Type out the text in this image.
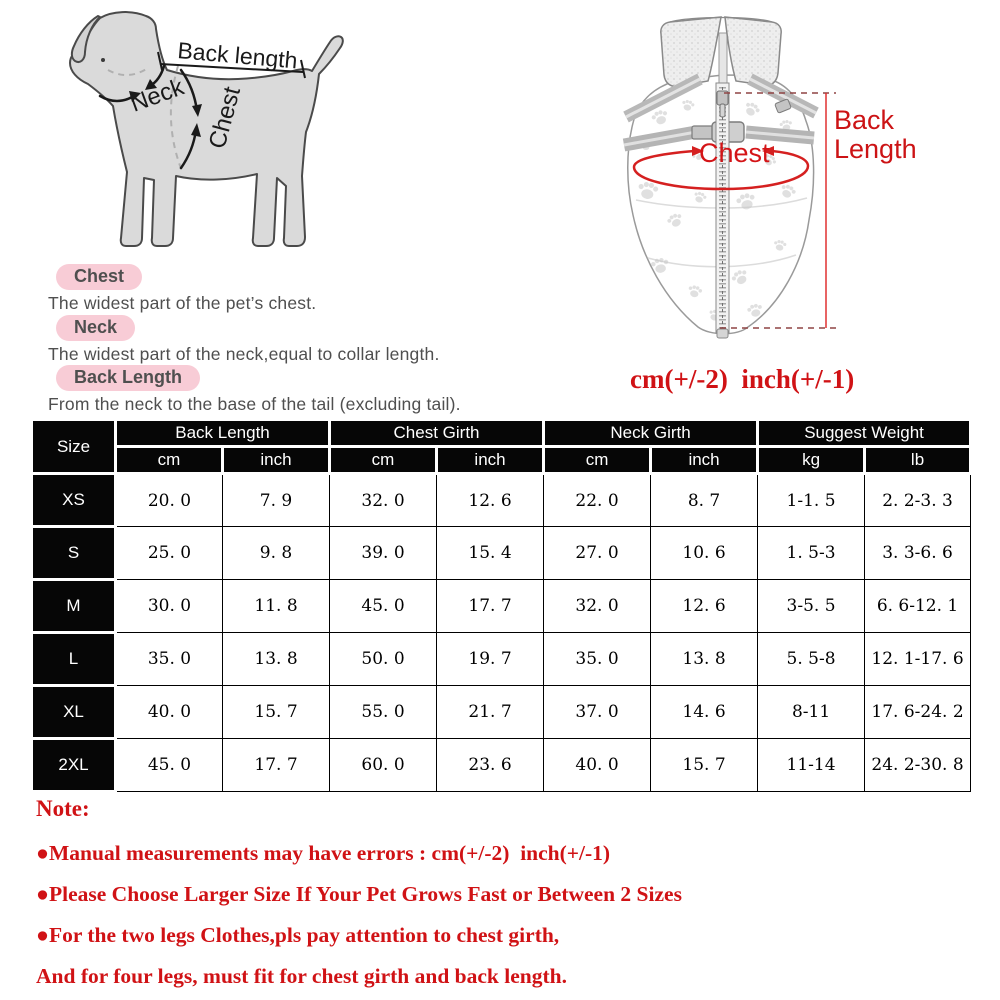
Back length
Neck Chest
Chest
Back Length
Chest
The widest part of the pet’s chest.
Neck
The widest part of the neck,equal to collar length.
Back Length
From the neck to the base of the tail (excluding tail).
cm(+/-2)  inch(+/-1)
Size	Back Length		Chest Girth		Neck Girth		Suggest Weight	
	cm	inch	cm	inch	cm	inch	kg	lb
XS	20. 0	7. 9	32. 0	12. 6	22. 0	8. 7	1-1. 5	2. 2-3. 3
S	25. 0	9. 8	39. 0	15. 4	27. 0	10. 6	1. 5-3	3. 3-6. 6
M	30. 0	11. 8	45. 0	17. 7	32. 0	12. 6	3-5. 5	6. 6-12. 1
L	35. 0	13. 8	50. 0	19. 7	35. 0	13. 8	5. 5-8	12. 1-17. 6
XL	40. 0	15. 7	55. 0	21. 7	37. 0	14. 6	8-11	17. 6-24. 2
2XL	45. 0	17. 7	60. 0	23. 6	40. 0	15. 7	11-14	24. 2-30. 8
Note:
●Manual measurements may have errors : cm(+/-2)  inch(+/-1)
●Please Choose Larger Size If Your Pet Grows Fast or Between 2 Sizes
●For the two legs Clothes,pls pay attention to chest girth,
And for four legs, must fit for chest girth and back length.
